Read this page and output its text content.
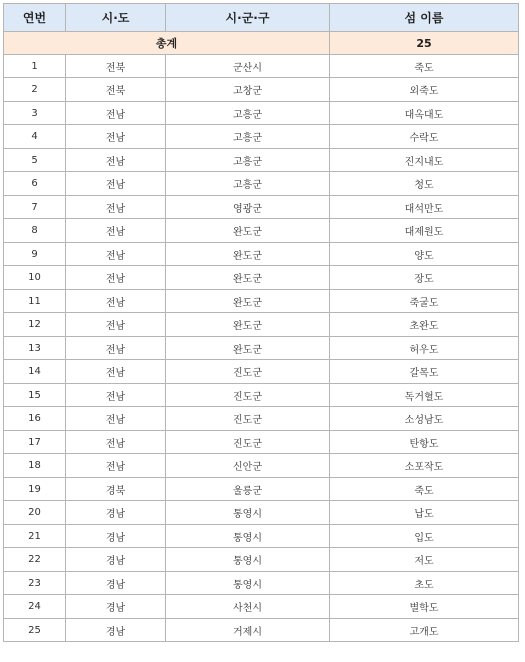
연번	시·도	시·군·구	섬 이름
총계			25
1	전북	군산시	죽도
2	전북	고창군	외죽도
3	전남	고흥군	대옥대도
4	전남	고흥군	수락도
5	전남	고흥군	진지내도
6	전남	고흥군	청도
7	전남	영광군	대석만도
8	전남	완도군	대제원도
9	전남	완도군	양도
10	전남	완도군	장도
11	전남	완도군	죽굴도
12	전남	완도군	초완도
13	전남	완도군	허우도
14	전남	진도군	갈목도
15	전남	진도군	독거혈도
16	전남	진도군	소성남도
17	전남	진도군	탄항도
18	전남	신안군	소포작도
19	경북	울릉군	죽도
20	경남	통영시	납도
21	경남	통영시	입도
22	경남	통영시	저도
23	경남	통영시	초도
24	경남	사천시	별학도
25	경남	거제시	고개도
